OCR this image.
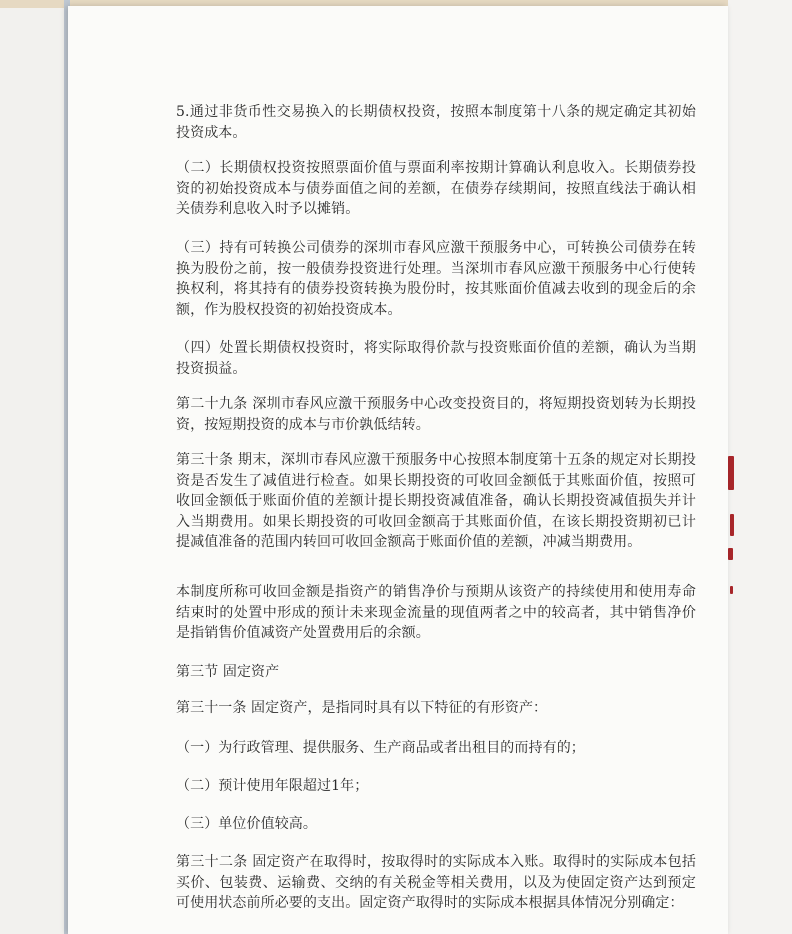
5.通过非货币性交易换入的长期债权投资，按照本制度第十八条的规定确定其初始投资成本。

（二）长期债权投资按照票面价值与票面利率按期计算确认利息收入。长期债券投资的初始投资成本与债券面值之间的差额，在债券存续期间，按照直线法于确认相关债券利息收入时予以摊销。

（三）持有可转换公司债券的深圳市春风应激干预服务中心，可转换公司债券在转换为股份之前，按一般债券投资进行处理。当深圳市春风应激干预服务中心行使转换权利，将其持有的债券投资转换为股份时，按其账面价值减去收到的现金后的余额，作为股权投资的初始投资成本。

（四）处置长期债权投资时，将实际取得价款与投资账面价值的差额，确认为当期投资损益。

第二十九条 深圳市春风应激干预服务中心改变投资目的，将短期投资划转为长期投资，按短期投资的成本与市价孰低结转。

第三十条 期末，深圳市春风应激干预服务中心按照本制度第十五条的规定对长期投资是否发生了减值进行检查。如果长期投资的可收回金额低于其账面价值，按照可收回金额低于账面价值的差额计提长期投资减值准备，确认长期投资减值损失并计入当期费用。如果长期投资的可收回金额高于其账面价值，在该长期投资期初已计提减值准备的范围内转回可收回金额高于账面价值的差额，冲减当期费用。

本制度所称可收回金额是指资产的销售净价与预期从该资产的持续使用和使用寿命结束时的处置中形成的预计未来现金流量的现值两者之中的较高者，其中销售净价是指销售价值减资产处置费用后的余额。

第三节 固定资产

第三十一条 固定资产，是指同时具有以下特征的有形资产：

（一）为行政管理、提供服务、生产商品或者出租目的而持有的；

（二）预计使用年限超过1年；

（三）单位价值较高。

第三十二条 固定资产在取得时，按取得时的实际成本入账。取得时的实际成本包括买价、包装费、运输费、交纳的有关税金等相关费用，以及为使固定资产达到预定可使用状态前所必要的支出。固定资产取得时的实际成本根据具体情况分别确定：
